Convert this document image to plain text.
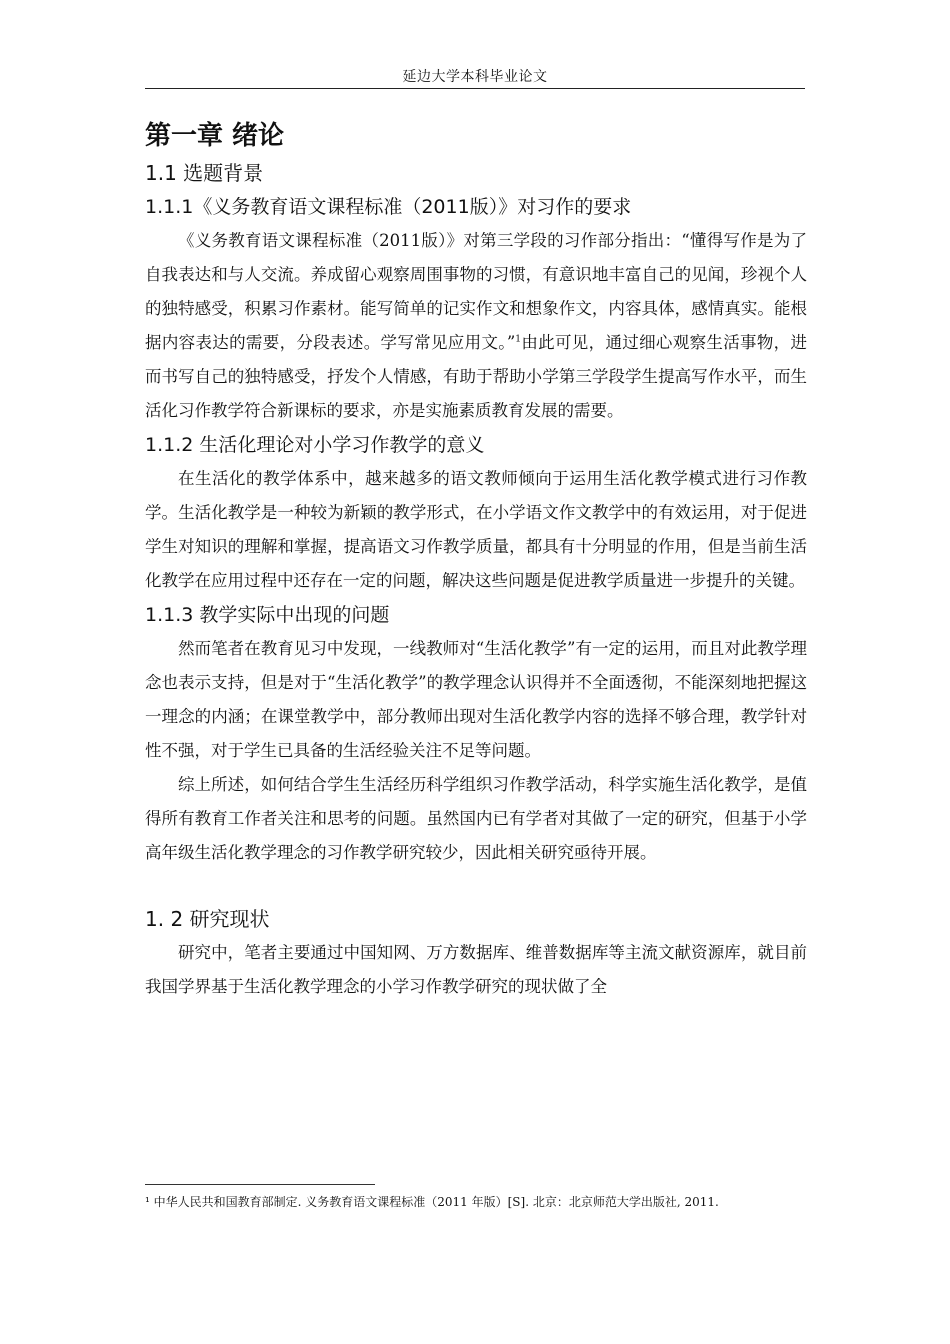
延边大学本科毕业论文
第一章 绪论
1.1 选题背景
1.1.1《义务教育语文课程标准（2011版）》对习作的要求

《义务教育语文课程标准（2011版）》对第三学段的习作部分指出：“懂得写作是为了自我表达和与人交流。养成留心观察周围事物的习惯，有意识地丰富自己的见闻，珍视个人的独特感受，积累习作素材。能写简单的记实作文和想象作文，内容具体，感情真实。能根据内容表达的需要，分段表述。学写常见应用文。”$^1$由此可见，通过细心观察生活事物，进而书写自己的独特感受，抒发个人情感，有助于帮助小学第三学段学生提高写作水平，而生活化习作教学符合新课标的要求，亦是实施素质教育发展的需要。

1.1.2 生活化理论对小学习作教学的意义

在生活化的教学体系中，越来越多的语文教师倾向于运用生活化教学模式进行习作教学。生活化教学是一种较为新颖的教学形式，在小学语文作文教学中的有效运用，对于促进学生对知识的理解和掌握，提高语文习作教学质量，都具有十分明显的作用，但是当前生活化教学在应用过程中还存在一定的问题，解决这些问题是促进教学质量进一步提升的关键。

1.1.3 教学实际中出现的问题

然而笔者在教育见习中发现，一线教师对“生活化教学”有一定的运用，而且对此教学理念也表示支持，但是对于“生活化教学”的教学理念认识得并不全面透彻，不能深刻地把握这一理念的内涵；在课堂教学中，部分教师出现对生活化教学内容的选择不够合理，教学针对性不强，对于学生已具备的生活经验关注不足等问题。

综上所述，如何结合学生生活经历科学组织习作教学活动，科学实施生活化教学，是值得所有教育工作者关注和思考的问题。虽然国内已有学者对其做了一定的研究，但基于小学高年级生活化教学理念的习作教学研究较少，因此相关研究亟待开展。

1. 2 研究现状

研究中，笔者主要通过中国知网、万方数据库、维普数据库等主流文献资源库，就目前我国学界基于生活化教学理念的小学习作教学研究的现状做了全

¹ 中华人民共和国教育部制定. 义务教育语文课程标准（2011 年版）[S]. 北京：北京师范大学出版社, 2011.
